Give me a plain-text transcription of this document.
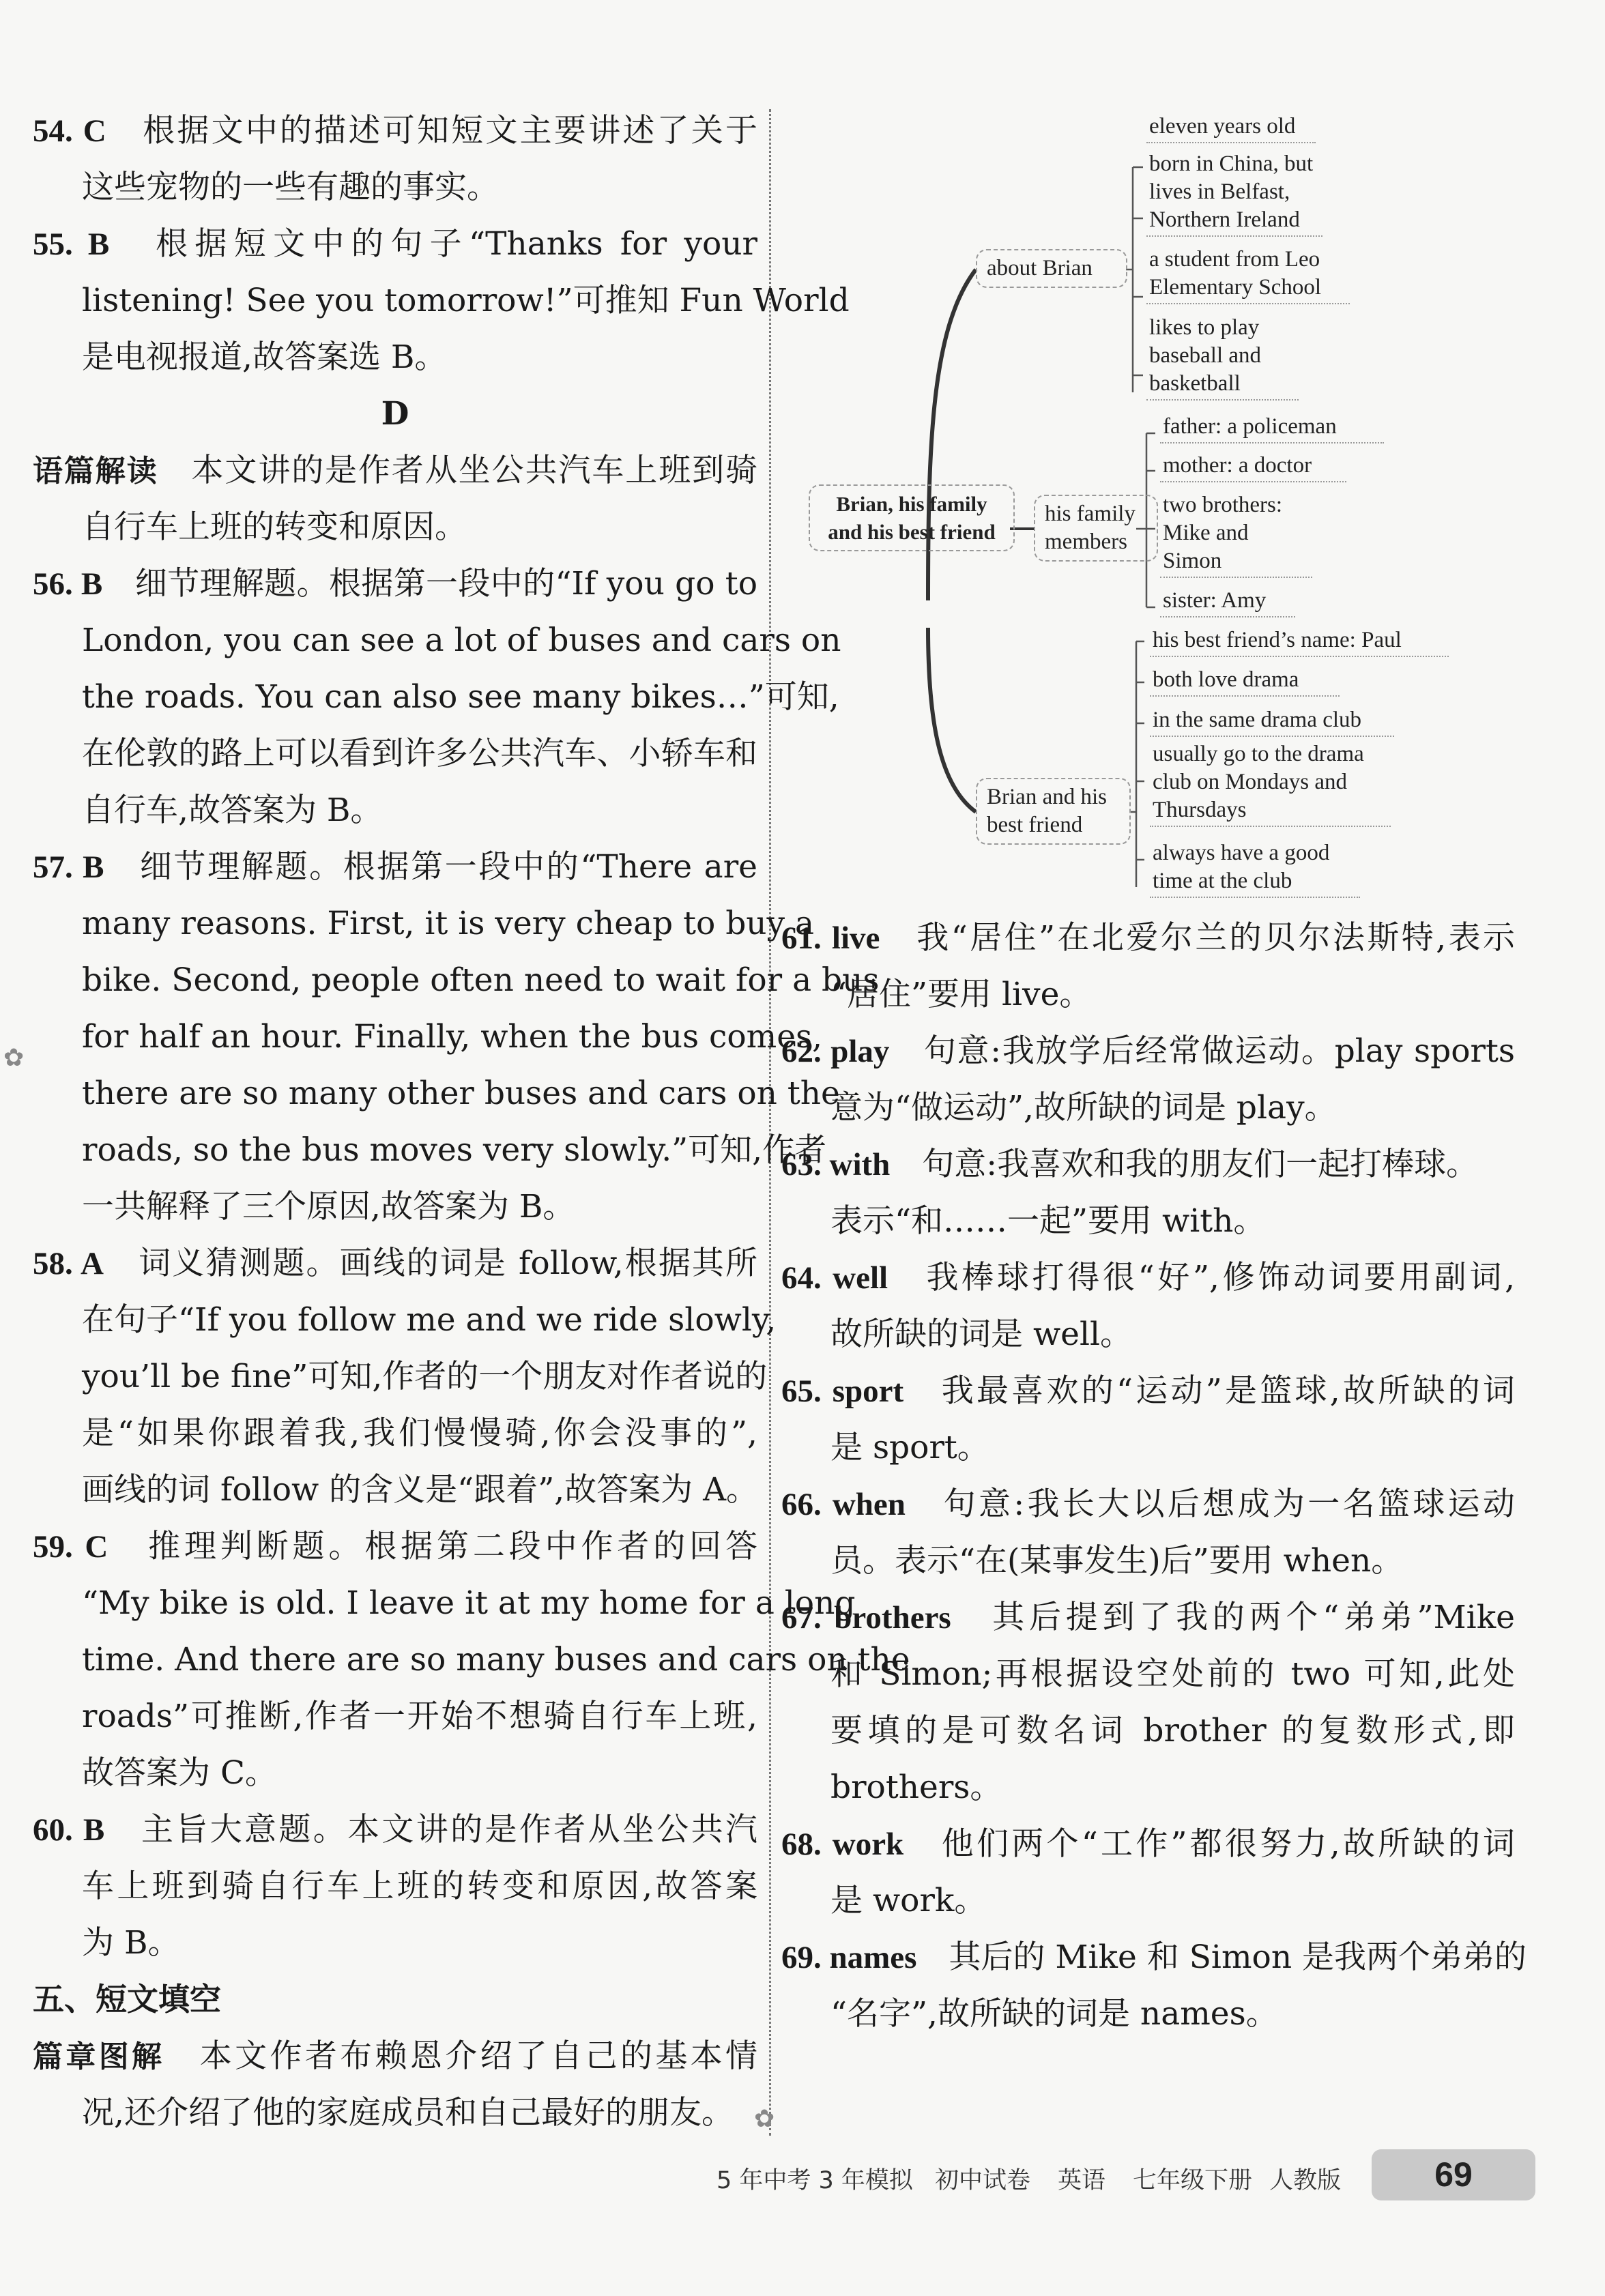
54. C　 根据文中的描述可知短文主要讲述了关于
这些宠物的一些有趣的事实。
55. B　 根据短文中的句子“Thanks for your
listening! See you tomorrow!”可推知 Fun World
是电视报道,故答案选 B。
D
语篇解读　 本文讲的是作者从坐公共汽车上班到骑
自行车上班的转变和原因。
56. B　 细节理解题。根据第一段中的“If you go to
London, you can see a lot of buses and cars on
the roads. You can also see many bikes…”可知,
在伦敦的路上可以看到许多公共汽车、小轿车和
自行车,故答案为 B。
57. B　 细节理解题。根据第一段中的“There are
many reasons. First, it is very cheap to buy a
bike. Second, people often need to wait for a bus
for half an hour. Finally, when the bus comes,
there are so many other buses and cars on the
roads, so the bus moves very slowly.”可知,作者
一共解释了三个原因,故答案为 B。
58. A　 词义猜测题。画线的词是 follow,根据其所
在句子“If you follow me and we ride slowly,
you’ll be fine”可知,作者的一个朋友对作者说的
是“如果你跟着我,我们慢慢骑,你会没事的”,
画线的词 follow 的含义是“跟着”,故答案为 A。
59. C　 推理判断题。根据第二段中作者的回答
“My bike is old. I leave it at my home for a long
time. And there are so many buses and cars on the
roads”可推断,作者一开始不想骑自行车上班,
故答案为 C。
60. B　 主旨大意题。本文讲的是作者从坐公共汽
车上班到骑自行车上班的转变和原因,故答案
为 B。
五、短文填空
篇章图解　 本文作者布赖恩介绍了自己的基本情
况,还介绍了他的家庭成员和自己最好的朋友。
Brian, his family and his best friend
about Brian
eleven years old
born in China, but lives in Belfast, Northern Ireland
a student from Leo Elementary School
likes to play baseball and basketball
his family members
father: a policeman
mother: a doctor
two brothers: Mike and Simon
sister: Amy
Brian and his best friend
his best friend’s name: Paul
both love drama
in the same drama club
usually go to the drama club on Mondays and Thursdays
always have a good time at the club
61. live　 我“居住”在北爱尔兰的贝尔法斯特,表示
“居住”要用 live。
62. play　 句意:我放学后经常做运动。play sports
意为“做运动”,故所缺的词是 play。
63. with　 句意:我喜欢和我的朋友们一起打棒球。
表示“和……一起”要用 with。
64. well　 我棒球打得很“好”,修饰动词要用副词,
故所缺的词是 well。
65. sport　 我最喜欢的“运动”是篮球,故所缺的词
是 sport。
66. when　 句意:我长大以后想成为一名篮球运动
员。表示“在(某事发生)后”要用 when。
67. brothers　 其后提到了我的两个“弟弟”Mike
和 Simon;再根据设空处前的 two 可知,此处
要填的是可数名词 brother 的复数形式,即
brothers。
68. work　 他们两个“工作”都很努力,故所缺的词
是 work。
69. names　 其后的 Mike 和 Simon 是我两个弟弟的
“名字”,故所缺的词是 names。
5 年中考 3 年模拟 初中试卷 英语 七年级下册 人教版	69
✿
✿
